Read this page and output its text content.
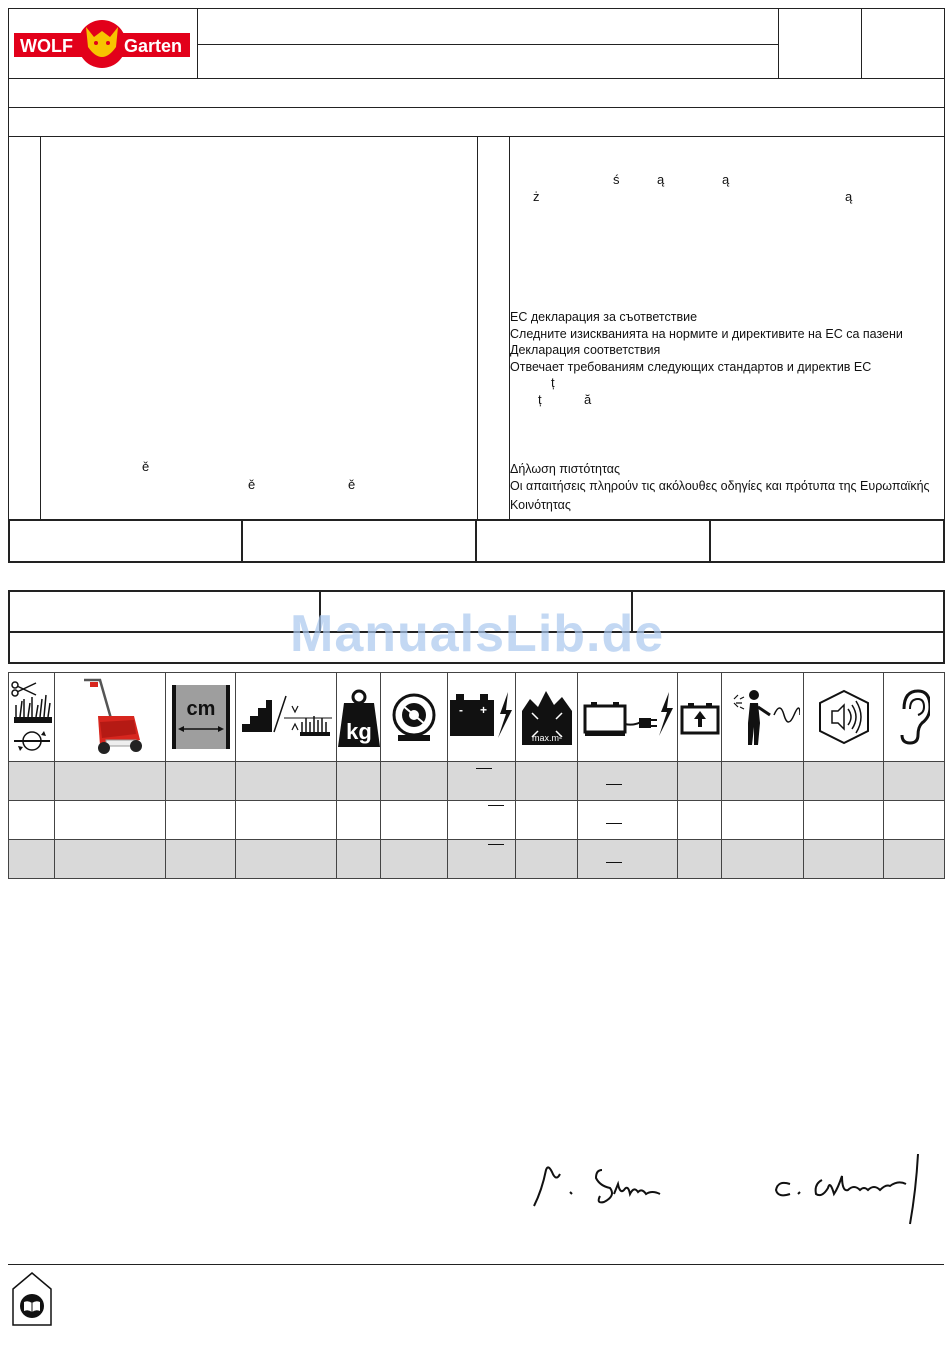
WOLF	Garten
ě
ě	ě
ś	ą	ą
ż	ą
EC декларация за съответствие
Следните изискванията на нормите и директивите на ЕС са пазени
Декларация соответствия
Отвечает требованиям следующих стандартов и директив ЕС
ț
ț	ă
Δήλωση πιστότητας
Οι απαιτήσεις πληρούν τις ακόλουθες οδηγίες και πρότυπα της Ευρωπαϊκής
Κοινότητας
ManualsLib.de

cm		kg		- +	max.m²
